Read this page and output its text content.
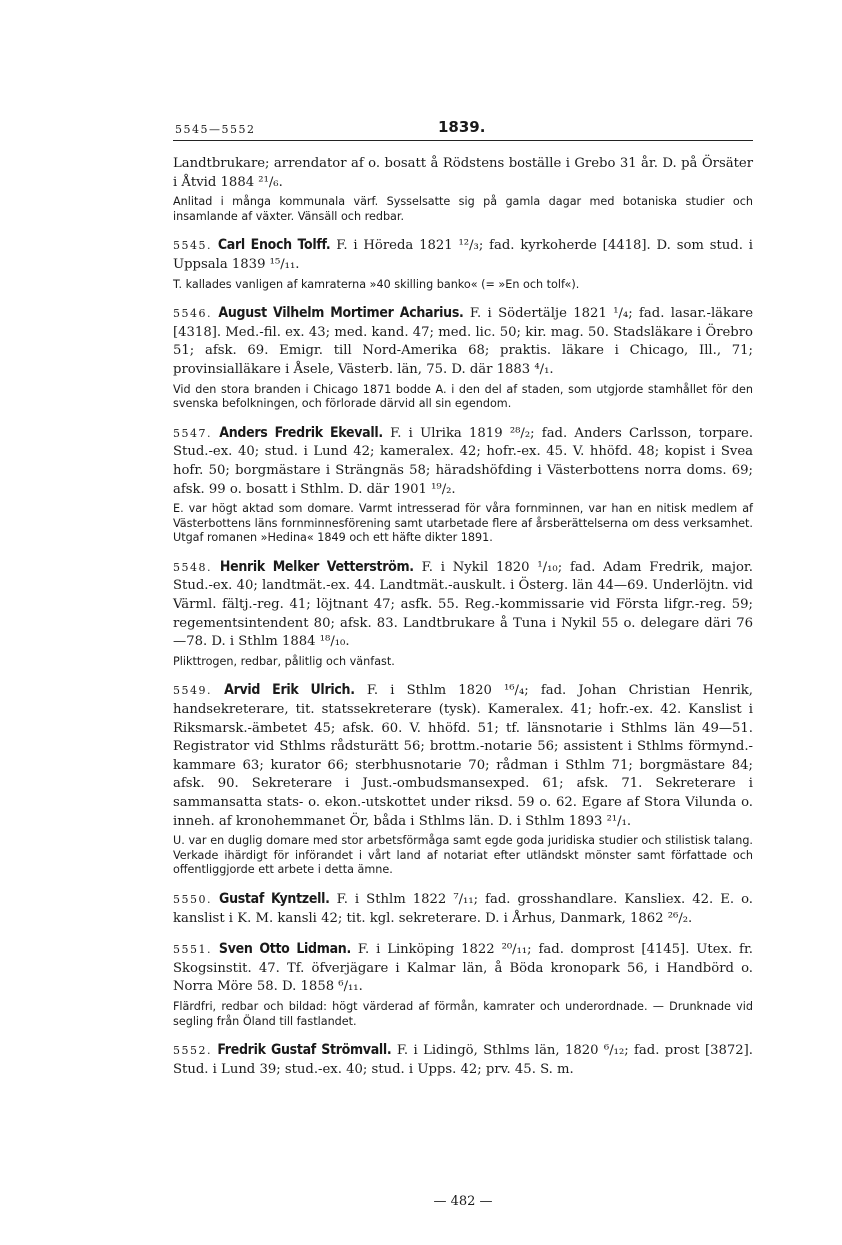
5545—5552	1839.

Landtbrukare; arrendator af o. bosatt å Rödstens boställe i Grebo 31 år. D. på Örsäter i Åtvid 1884 ²¹/₆.

Anlitad i många kommunala värf. Sysselsatte sig på gamla dagar med botaniska studier och insamlande af växter. Vänsäll och redbar.

5545. Carl Enoch Tolff. F. i Höreda 1821 ¹²/₃; fad. kyrkoherde [4418]. D. som stud. i Uppsala 1839 ¹⁵/₁₁.

T. kallades vanligen af kamraterna »40 skilling banko« (= »En och tolf«).

5546. August Vilhelm Mortimer Acharius. F. i Södertälje 1821 ¹/₄; fad. lasar.-läkare [4318]. Med.-fil. ex. 43; med. kand. 47; med. lic. 50; kir. mag. 50. Stadsläkare i Örebro 51; afsk. 69. Emigr. till Nord-Amerika 68; praktis. läkare i Chicago, Ill., 71; provinsialläkare i Åsele, Västerb. län, 75. D. där 1883 ⁴/₁.

Vid den stora branden i Chicago 1871 bodde A. i den del af staden, som utgjorde stamhållet för den svenska befolkningen, och förlorade därvid all sin egendom.

5547. Anders Fredrik Ekevall. F. i Ulrika 1819 ²⁸/₂; fad. Anders Carlsson, torpare. Stud.-ex. 40; stud. i Lund 42; kameralex. 42; hofr.-ex. 45. V. hhöfd. 48; kopist i Svea hofr. 50; borgmästare i Strängnäs 58; häradshöfding i Västerbottens norra doms. 69; afsk. 99 o. bosatt i Sthlm. D. där 1901 ¹⁹/₂.

E. var högt aktad som domare. Varmt intresserad för våra fornminnen, var han en nitisk medlem af Västerbottens läns fornminnesförening samt utarbetade flere af årsberättelserna om dess verksamhet. Utgaf romanen »Hedina« 1849 och ett häfte dikter 1891.

5548. Henrik Melker Vetterström. F. i Nykil 1820 ¹/₁₀; fad. Adam Fredrik, major. Stud.-ex. 40; landtmät.-ex. 44. Landtmät.-auskult. i Österg. län 44—69. Underlöjtn. vid Värml. fältj.-reg. 41; löjtnant 47; asfk. 55. Reg.-kommissarie vid Första lifgr.-reg. 59; regementsintendent 80; afsk. 83. Landtbrukare å Tuna i Nykil 55 o. delegare däri 76—78. D. i Sthlm 1884 ¹⁸/₁₀.

Plikttrogen, redbar, pålitlig och vänfast.

5549. Arvid Erik Ulrich. F. i Sthlm 1820 ¹⁶/₄; fad. Johan Christian Henrik, handsekreterare, tit. statssekreterare (tysk). Kameralex. 41; hofr.-ex. 42. Kanslist i Riksmarsk.-ämbetet 45; afsk. 60. V. hhöfd. 51; tf. länsnotarie i Sthlms län 49—51. Registrator vid Sthlms rådsturätt 56; brottm.-notarie 56; assistent i Sthlms förmynd.-kammare 63; kurator 66; sterbhusnotarie 70; rådman i Sthlm 71; borgmästare 84; afsk. 90. Sekreterare i Just.-ombudsmansexped. 61; afsk. 71. Sekreterare i sammansatta stats- o. ekon.-utskottet under riksd. 59 o. 62. Egare af Stora Vilunda o. inneh. af kronohemmanet Ör, båda i Sthlms län. D. i Sthlm 1893 ²¹/₁.

U. var en duglig domare med stor arbetsförmåga samt egde goda juridiska studier och stilistisk talang. Verkade ihärdigt för införandet i vårt land af notariat efter utländskt mönster samt författade och offentliggjorde ett arbete i detta ämne.

5550. Gustaf Kyntzell. F. i Sthlm 1822 ⁷/₁₁; fad. grosshandlare. Kansliex. 42. E. o. kanslist i K. M. kansli 42; tit. kgl. sekreterare. D. i Århus, Danmark, 1862 ²⁶/₂.

5551. Sven Otto Lidman. F. i Linköping 1822 ²⁰/₁₁; fad. domprost [4145]. Utex. fr. Skogsinstit. 47. Tf. öfverjägare i Kalmar län, å Böda kronopark 56, i Handbörd o. Norra Möre 58. D. 1858 ⁶/₁₁.

Flärdfri, redbar och bildad: högt värderad af förmån, kamrater och underordnade. — Drunknade vid segling från Öland till fastlandet.

5552. Fredrik Gustaf Strömvall. F. i Lidingö, Sthlms län, 1820 ⁶/₁₂; fad. prost [3872]. Stud. i Lund 39; stud.-ex. 40; stud. i Upps. 42; prv. 45. S. m.

— 482 —
